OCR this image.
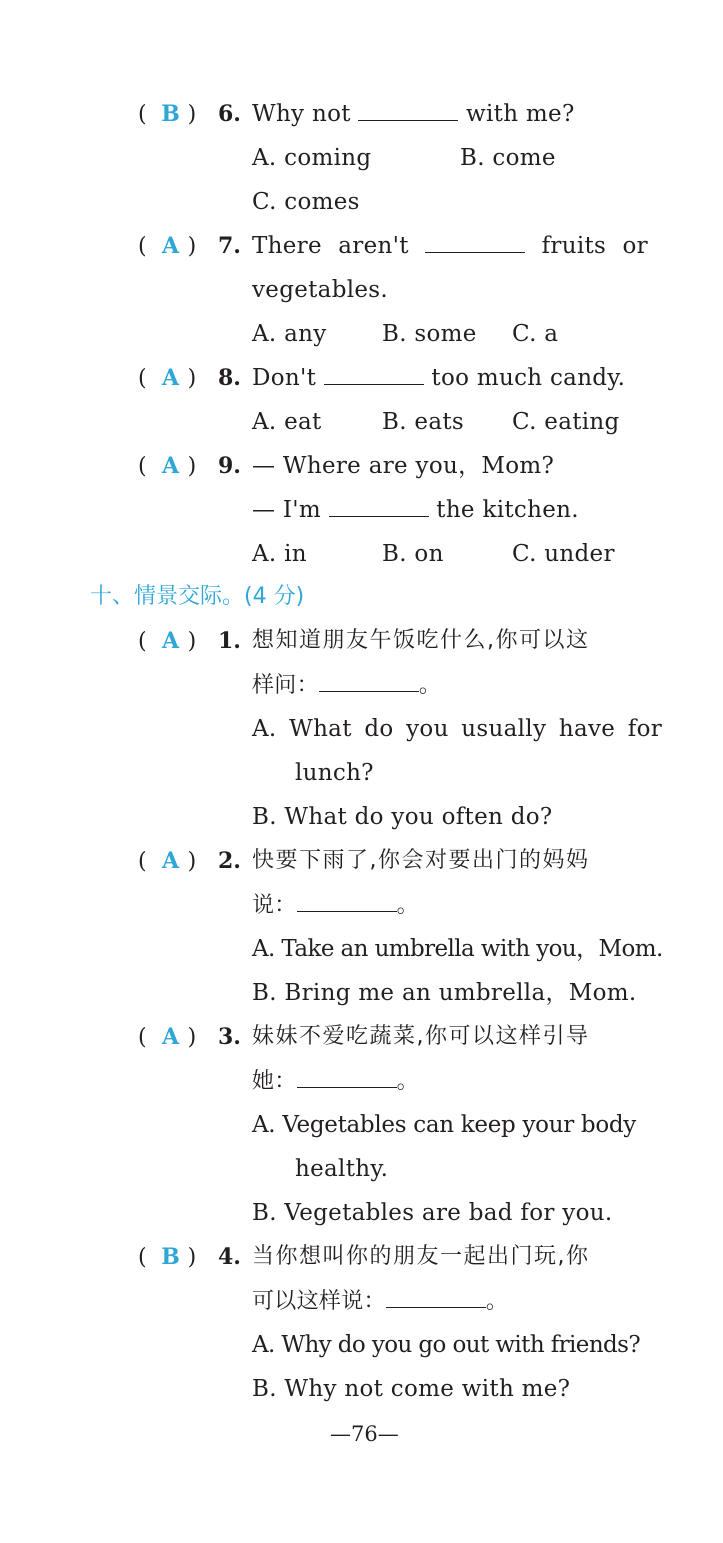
( B ) 6. Why not	with me?
A. coming	B. come
C. comes
( A ) 7. There aren't	fruits or
vegetables.
A. any B. some C. a
( A ) 8. Don't	too much candy.
A. eat	B. eats C. eating
( A ) 9. — Where are you，Mom?
— I'm	the kitchen.
A. in	B. on	C. under
十、情景交际。(4 分)
( A ) 1. 想知道朋友午饭吃什么,你可以这
样问：	。
A. What do you usually have for
lunch?
B. What do you often do?
( A ) 2. 快要下雨了,你会对要出门的妈妈
说：	。
A. Take an umbrella with you，Mom.
B. Bring me an umbrella，Mom.
( A ) 3. 妹妹不爱吃蔬菜,你可以这样引导
她：	。
A. Vegetables can keep your body
healthy.
B. Vegetables are bad for you.
( B ) 4. 当你想叫你的朋友一起出门玩,你
可以这样说：	。
A. Why do you go out with friends?
B. Why not come with me?
—76—
